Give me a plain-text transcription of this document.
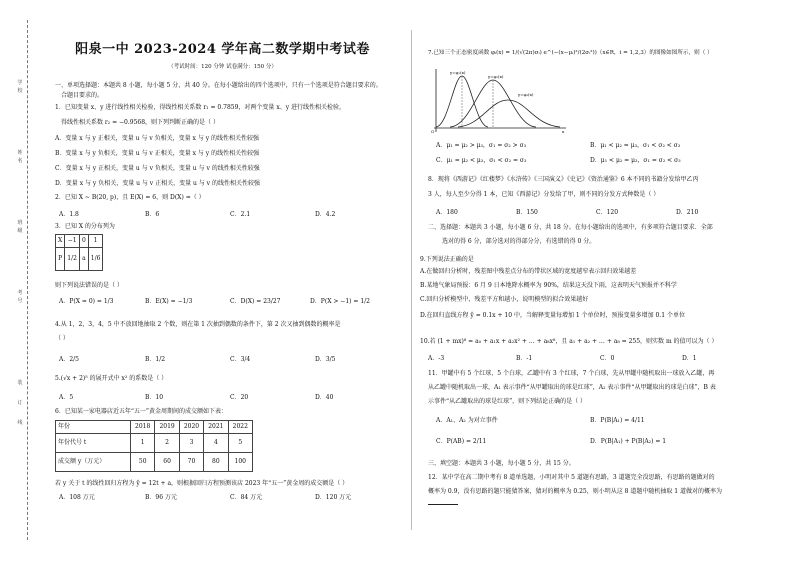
学
校
姓
名
班
级
考
号
装
订
线
阳泉一中 2023-2024 学年高二数学期中考试卷
（考试时间：120 分钟 试卷满分：150 分）
一、单项选择题：本题共 8 小题，每小题 5 分，共 40 分。在每小题给出的四个选项中，只有一个选项是符合题目要求的。
合题目要求的。
1．已知变量 x、y 进行线性相关检验，得线性相关系数 r₁ = 0.7859，对两个变量 x、y 进行线性相关检验，
得线性相关系数 r₂ = −0.9568，则下列判断正确的是（ ）
A．变量 x 与 y 正相关，变量 u 与 v 负相关，变量 x 与 y 的线性相关性较强
B．变量 x 与 y 负相关，变量 u 与 v 正相关，变量 x 与 y 的线性相关性较强
C．变量 x 与 y 正相关，变量 u 与 v 负相关，变量 u 与 v 的线性相关性较强
D．变量 x 与 y 负相关，变量 u 与 v 正相关，变量 u 与 v 的线性相关性较强
2．已知 X ~ B(20, p)，且 E(X) = 6，则 D(X) =（ ）
A．1.8	B．6	C．2.1	D．4.2
3．已知 X 的分布列为
X	−1	0	1
P	1/2	a	1/6
则下列说法错误的是（ ）
A．P(X = 0) = 1/3	B．E(X) = −1/3	C．D(X) = 23/27	D．P(X > −1) = 1/2
4.从 1，2，3，4，5 中不放回地抽取 2 个数，则在第 1 次抽到偶数的条件下，第 2 次又抽到偶数的概率是
（ ）
A．2/5	B．1/2	C．3/4	D．3/5
5.(√x + 2)⁵ 的展开式中 x² 的系数是（ ）
A．5	B．10	C．20	D．40
6．已知某一家电器店近五年“五一”黄金周期间的成交额如下表：
年份	2018	2019	2020	2021	2022
年份代号 t	1	2	3	4	5
成交额 y（万元）	50	60	70	80	100
若 y 关于 t 的线性回归方程为 ŷ = 12t + a，则根据回归方程预测该店 2023 年“五一”黄金周的成交额是（ ）
A．108 万元	B．96 万元	C．84 万元	D．120 万元
7.已知三个正态密度函数 φᵢ(x) = 1/(√(2π)σᵢ) e^(−(x−μᵢ)²/(2σᵢ²))（x∈R，i = 1,2,3）的图像如图所示，则（ ）
y=φ₁(x)
y=φ₂(x)
y=φ₃(x)
x
O
A．μ₁ = μ₂ > μ₃，σ₁ = σ₂ > σ₃	B．μ₁ < μ₂ = μ₃，σ₁ < σ₂ < σ₃
C．μ₁ = μ₂ < μ₃，σ₁ < σ₂ = σ₃	D．μ₁ < μ₂ = μ₃，σ₁ = σ₂ < σ₃
8．现将《西游记》《红楼梦》《水浒传》《三国演义》《史记》《资治通鉴》6 本不同的书籍分发给甲乙丙
3 人，每人至少分得 1 本，已知《西游记》分发给了甲，则不同的分发方式种数是（ ）
A．180	B．150	C．120	D．210
二、选择题：本题共 3 小题，每小题 6 分，共 18 分。在每小题给出的选项中，有多项符合题目要求．全部
选对的得 6 分，部分选对的得部分分，有选错的得 0 分。
9.下列说法正确的是
A.在做回归分析时，残差图中残差点分布的带状区域的宽度越窄表示回归效果越差
B.某地气象局预报：6 月 9 日本地降水概率为 90%，结果这天没下雨，这表明天气预报并不科学
C.回归分析模型中，残差平方和越小，说明模型的拟合效果越好
D.在回归直线方程 ŷ = 0.1x + 10 中，当解释变量每增加 1 个单位时，预报变量多增加 0.1 个单位
10.若 (1 + mx)⁸ = a₀ + a₁x + a₂x² + … + a₈x⁸，且 a₁ + a₂ + … + a₈ = 255，则实数 m 的值可以为（ ）
A．-3	B．-1	C．0	D．1
11．甲罐中有 5 个红球，5 个白球，乙罐中有 3 个红球，7 个白球，先从甲罐中随机取出一球放入乙罐，再
从乙罐中随机取出一球，A₁ 表示事件“从甲罐取出的球是红球”，A₂ 表示事件“从甲罐取出的球是白球”，B 表
示事件“从乙罐取出的球是红球”，则下列结论正确的是（ ）
A．A₁、A₂ 为对立事件	B．P(B|A₁) = 4/11
C．P(AB) = 2/11	D．P(B|A₁) + P(B|A₂) = 1
三、填空题：本题共 3 小题，每小题 5 分，共 15 分。
12．某中学在高二期中考有 8 道单选题，小明对其中 5 道题有思路，3 道题完全没思路，有思路的题做对的
概率为 0.9，没有思路的题只能猜答案，猜对的概率为 0.25，则小明从这 8 道题中随机抽取 1 道做对的概率为
